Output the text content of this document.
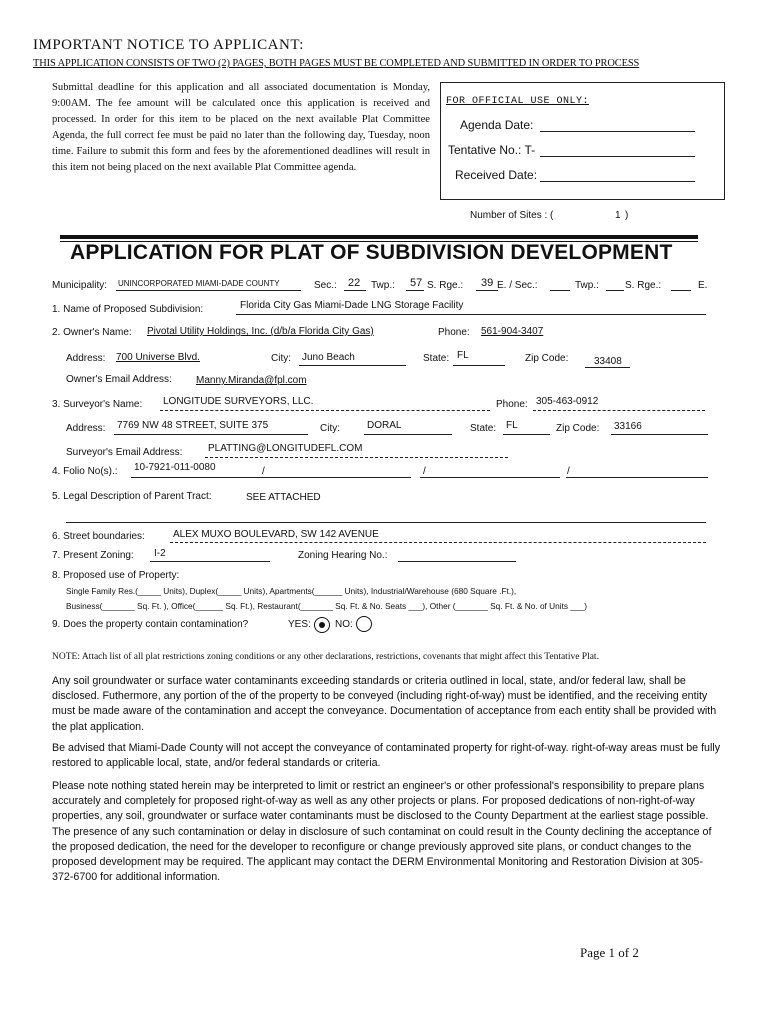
IMPORTANT NOTICE TO APPLICANT:
THIS APPLICATION CONSISTS OF TWO (2) PAGES, BOTH PAGES MUST BE COMPLETED AND SUBMITTED IN ORDER TO PROCESS
Submittal deadline for this application and all associated documentation is Monday, 9:00AM. The fee amount will be calculated once this application is received and processed. In order for this item to be placed on the next available Plat Committee Agenda, the full correct fee must be paid no later than the following day, Tuesday, noon time. Failure to submit this form and fees by the aforementioned deadlines will result in this item not being placed on the next available Plat Committee agenda.
FOR OFFICIAL USE ONLY:
Agenda Date:
Tentative No.: T-
Received Date:
Number of Sites : (	1 )
APPLICATION FOR PLAT OF SUBDIVISION DEVELOPMENT
Municipality: UNINCORPORATED MIAMI-DADE COUNTY	Sec.: 22 Twp.: 57 S. Rge.: 39 E. / Sec.:	Twp.:	S. Rge.:	E.
1. Name of Proposed Subdivision:	Florida City Gas Miami-Dade LNG Storage Facility
2. Owner's Name: Pivotal Utility Holdings, Inc. (d/b/a Florida City Gas)	Phone: 561-904-3407
Address: 700 Universe Blvd.	City: Juno Beach	State: FL	Zip Code:	33408
Owner's Email Address: Manny.Miranda@fpl.com
3. Surveyor's Name: LONGITUDE SURVEYORS, LLC.	Phone: 305-463-0912
Address: 7769 NW 48 STREET, SUITE 375	City:	DORAL	State: FL	Zip Code: 33166
Surveyor's Email Address:	PLATTING@LONGITUDEFL.COM
4. Folio No(s).: 10-7921-011-0080	/	/	/
5. Legal Description of Parent Tract:	SEE ATTACHED
6. Street boundaries:	ALEX MUXO BOULEVARD, SW 142 AVENUE
7. Present Zoning: I-2	Zoning Hearing No.:
8. Proposed use of Property:
Single Family Res.(_____ Units), Duplex(_____ Units), Apartments(______ Units), Industrial/Warehouse (680 Square .Ft.),
Business(_______ Sq. Ft. ), Office(______ Sq. Ft.), Restaurant(_______ Sq. Ft. & No. Seats ___), Other (_______ Sq. Ft. & No. of Units ___)
9. Does the property contain contamination?	YES: NO:
NOTE: Attach list of all plat restrictions zoning conditions or any other declarations, restrictions, covenants that might affect this Tentative Plat.
Any soil groundwater or surface water contaminants exceeding standards or criteria outlined in local, state, and/or federal law, shall be disclosed. Futhermore, any portion of the of the property to be conveyed (including right-of-way) must be identified, and the receiving entity must be made aware of the contamination and accept the conveyance. Documentation of acceptance from each entity shall be provided with the plat application.
Be advised that Miami-Dade County will not accept the conveyance of contaminated property for right-of-way. right-of-way areas must be fully restored to applicable local, state, and/or federal standards or criteria.
Please note nothing stated herein may be interpreted to limit or restrict an engineer's or other professional's responsibility to prepare plans accurately and completely for proposed right-of-way as well as any other projects or plans. For proposed dedications of non-right-of-way properties, any soil, groundwater or surface water contaminants must be disclosed to the County Department at the earliest stage possible. The presence of any such contamination or delay in disclosure of such contaminat on could result in the County declining the acceptance of the proposed dedication, the need for the developer to reconfigure or change previously approved site plans, or conduct changes to the proposed development may be required. The applicant may contact the DERM Environmental Monitoring and Restoration Division at 305-372-6700 for additional information.
Page 1 of 2
